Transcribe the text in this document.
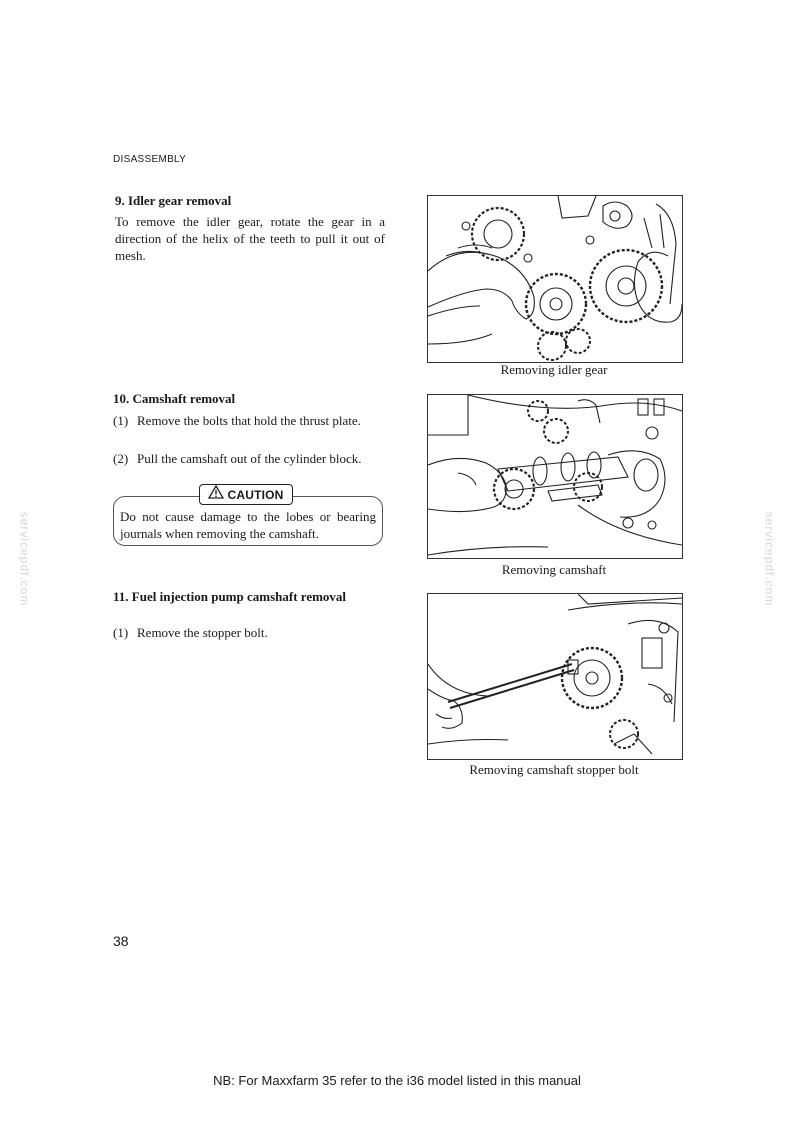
DISASSEMBLY
9. Idler gear removal
To remove the idler gear, rotate the gear in a direction of the helix of the teeth to pull it out of mesh.
10. Camshaft removal
(1) Remove the bolts that hold the thrust plate.
(2) Pull the camshaft out of the cylinder block.
CAUTION
Do not cause damage to the lobes or bearing journals when removing the camshaft.
11. Fuel injection pump camshaft removal
(1) Remove the stopper bolt.
Removing idler gear
Removing camshaft
Removing camshaft stopper bolt
servicepdf.com	servicepdf.com
38
NB: For Maxxfarm 35 refer to the i36 model listed in this manual
